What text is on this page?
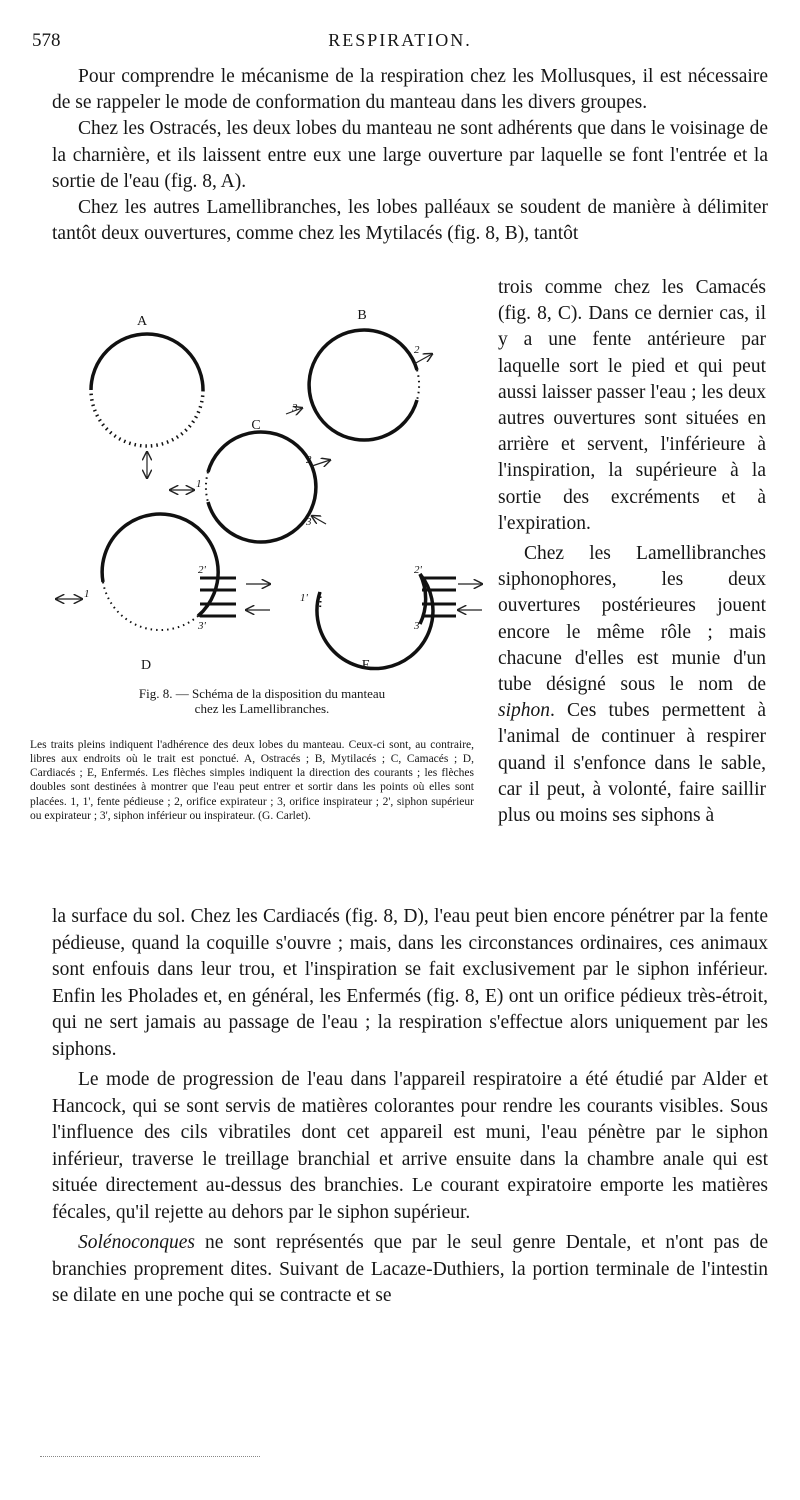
578	RESPIRATION.

Pour comprendre le mécanisme de la respiration chez les Mollusques, il est nécessaire de se rappeler le mode de conformation du manteau dans les divers groupes.

Chez les Ostracés, les deux lobes du manteau ne sont adhérents que dans le voisinage de la charnière, et ils laissent entre eux une large ouverture par laquelle se font l'entrée et la sortie de l'eau (fig. 8, A).

Chez les autres Lamellibranches, les lobes palléaux se soudent de manière à délimiter tantôt deux ouvertures, comme chez les Mytilacés (fig. 8, B), tantôt

A	B
C
D	E
2
3
2
3
1
1
2'
3'
1'
2'
3'
Fig. 8. — Schéma de la disposition du manteau
chez les Lamellibranches.

Les traits pleins indiquent l'adhérence des deux lobes du manteau. Ceux-ci sont, au contraire, libres aux endroits où le trait est ponctué. A, Ostracés ; B, Mytilacés ; C, Camacés ; D, Cardiacés ; E, Enfermés. Les flèches simples indiquent la direction des courants ; les flèches doubles sont destinées à montrer que l'eau peut entrer et sortir dans les points où elles sont placées. 1, 1', fente pédieuse ; 2, orifice expirateur ; 3, orifice inspirateur ; 2', siphon supérieur ou expirateur ; 3', siphon inférieur ou inspirateur. (G. Carlet).

trois comme chez les Camacés (fig. 8, C). Dans ce dernier cas, il y a une fente antérieure par laquelle sort le pied et qui peut aussi laisser passer l'eau ; les deux autres ouvertures sont situées en arrière et servent, l'inférieure à l'inspiration, la supérieure à la sortie des excréments et à l'expiration.

Chez les Lamellibranches siphonophores, les deux ouvertures postérieures jouent encore le même rôle ; mais chacune d'elles est munie d'un tube désigné sous le nom de siphon. Ces tubes permettent à l'animal de continuer à respirer quand il s'enfonce dans le sable, car il peut, à volonté, faire saillir plus ou moins ses siphons à

la surface du sol. Chez les Cardiacés (fig. 8, D), l'eau peut bien encore pénétrer par la fente pédieuse, quand la coquille s'ouvre ; mais, dans les circonstances ordinaires, ces animaux sont enfouis dans leur trou, et l'inspiration se fait exclusivement par le siphon inférieur. Enfin les Pholades et, en général, les Enfermés (fig. 8, E) ont un orifice pédieux très-étroit, qui ne sert jamais au passage de l'eau ; la respiration s'effectue alors uniquement par les siphons.

Le mode de progression de l'eau dans l'appareil respiratoire a été étudié par Alder et Hancock, qui se sont servis de matières colorantes pour rendre les courants visibles. Sous l'influence des cils vibratiles dont cet appareil est muni, l'eau pénètre par le siphon inférieur, traverse le treillage branchial et arrive ensuite dans la chambre anale qui est située directement au-dessus des branchies. Le courant expiratoire emporte les matières fécales, qu'il rejette au dehors par le siphon supérieur.

Solénoconques ne sont représentés que par le seul genre Dentale, et n'ont pas de branchies proprement dites. Suivant de Lacaze-Duthiers, la portion terminale de l'intestin se dilate en une poche qui se contracte et se
